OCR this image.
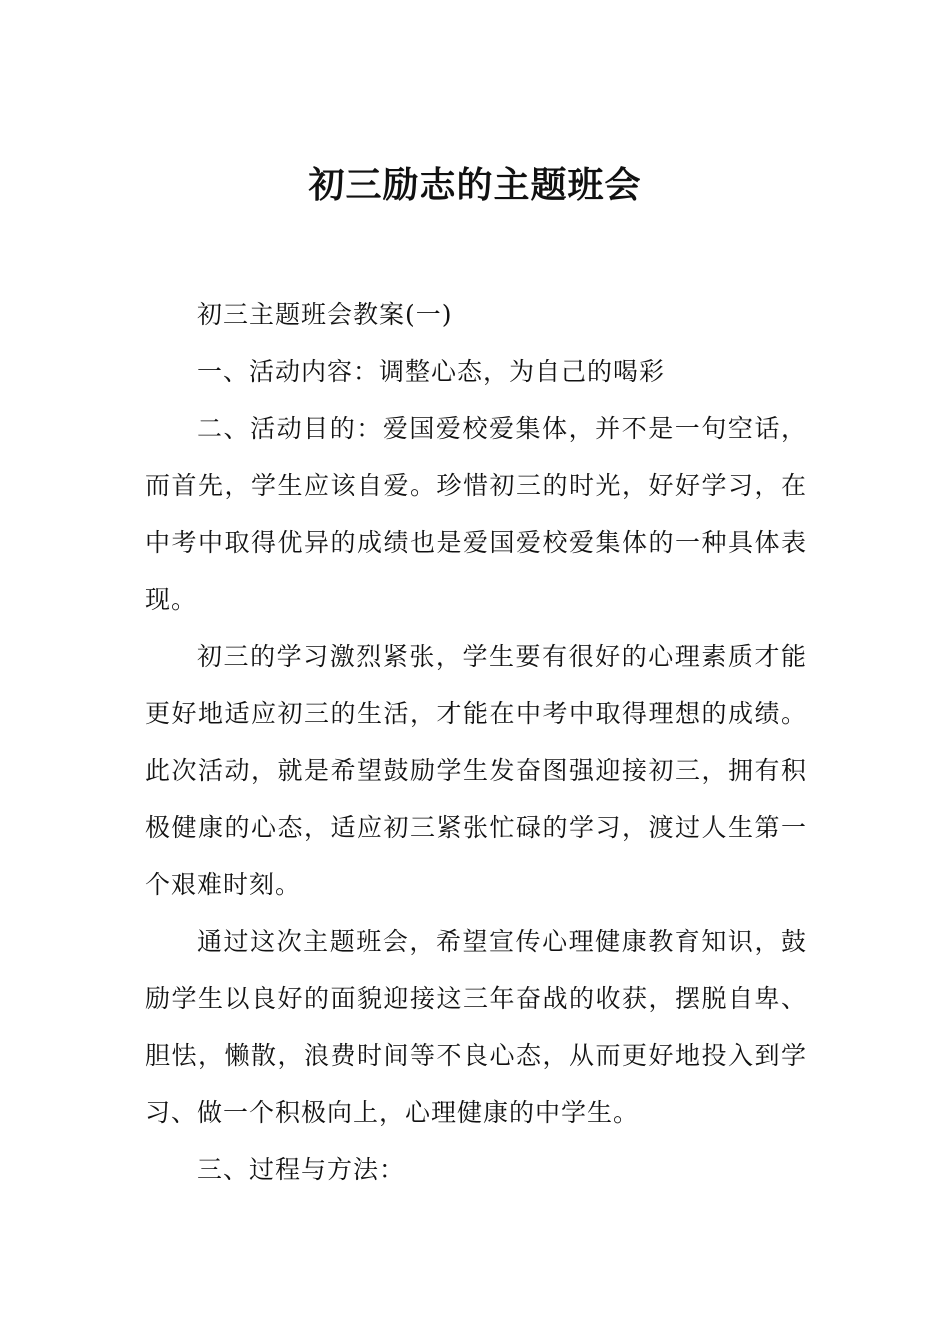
初三励志的主题班会

初三主题班会教案(一)

一、活动内容：调整心态，为自己的喝彩

二、活动目的：爱国爱校爱集体，并不是一句空话，而首先，学生应该自爱。珍惜初三的时光，好好学习，在中考中取得优异的成绩也是爱国爱校爱集体的一种具体表现。

初三的学习激烈紧张，学生要有很好的心理素质才能更好地适应初三的生活，才能在中考中取得理想的成绩。此次活动，就是希望鼓励学生发奋图强迎接初三，拥有积极健康的心态，适应初三紧张忙碌的学习，渡过人生第一个艰难时刻。

通过这次主题班会，希望宣传心理健康教育知识，鼓励学生以良好的面貌迎接这三年奋战的收获，摆脱自卑、胆怯，懒散，浪费时间等不良心态，从而更好地投入到学习、做一个积极向上，心理健康的中学生。

三、过程与方法：
